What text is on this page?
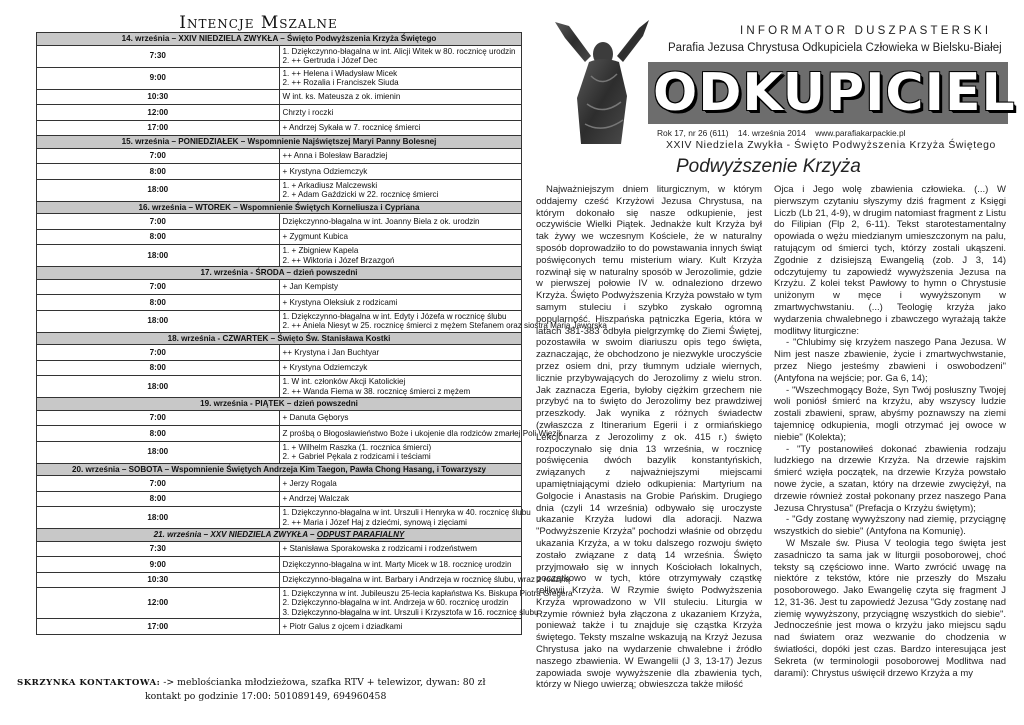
Intencje Mszalne
14. września – XXIV NIEDZIELA ZWYKŁA – Święto Podwyższenia Krzyża Świętego	
7:30	1. Dziękczynno-błagalna w int. Alicji Witek w 80. rocznicę urodzin
2. ++ Gertruda i Józef Dec

9:00	1. ++ Helena i Władysław Micek
2. ++ Rozalia i Franciszek Siuda

10:30	W int. ks. Mateusza z ok. imienin

12:00	Chrzty i roczki

17:00	+ Andrzej Sykała w 7. rocznicę śmierci

15. września – PONIEDZIAŁEK – Wspomnienie Najświętszej Maryi Panny Bolesnej	
7:00	++ Anna i Bolesław Baradziej

8:00	+ Krystyna Odziemczyk

18:00	1. + Arkadiusz Malczewski
2. + Adam Gaździcki w 22. rocznicę śmierci

16. września – WTOREK – Wspomnienie Świętych Korneliusza i Cypriana	
7:00	Dziękczynno-błagalna w int. Joanny Biela z ok. urodzin

8:00	+ Zygmunt Kubica

18:00	1. + Zbigniew Kapela
2. ++ Wiktoria i Józef Brzazgoń

17. września - ŚRODA – dzień powszedni	
7:00	+ Jan Kempisty

8:00	+ Krystyna Oleksiuk z rodzicami

18:00	1. Dziękczynno-błagalna w int. Edyty i Józefa w rocznicę ślubu
2. ++ Aniela Niesyt w 25. rocznicę śmierci z mężem Stefanem oraz siostrą Marią Jaworską

18. września - CZWARTEK – Święto Św. Stanisława Kostki	
7:00	++ Krystyna i Jan Buchtyar

8:00	+ Krystyna Odziemczyk

18:00	1. W int. członków Akcji Katolickiej
2. ++ Wanda Fiema w 38. rocznicę śmierci z mężem

19. września - PIĄTEK – dzień powszedni	
7:00	+ Danuta Gęborys

8:00	Z prośbą o Błogosławieństwo Boże i ukojenie dla rodziców zmarłej Poli Więzik

18:00	1. + Wilhelm Raszka (1. rocznica śmierci)
2. + Gabriel Pękala z rodzicami i teściami

20. września – SOBOTA – Wspomnienie Świętych Andrzeja Kim Taegon, Pawła Chong Hasang, i Towarzyszy	
7:00	+ Jerzy Rogala

8:00	+ Andrzej Walczak

18:00	1. Dziękczynno-błagalna w int. Urszuli i Henryka w 40. rocznicę ślubu
2. ++ Maria i Józef Haj z dziećmi, synową i zięciami

21. września – XXV NIEDZIELA ZWYKŁA – ODPUST PARAFIALNY	
7:30	+ Stanisława Sporakowska z rodzicami i rodzeństwem

9:00	Dziękczynno-błagalna w int. Marty Micek w 18. rocznicę urodzin

10:30	Dziękczynno-błagalna w int. Barbary i Andrzeja w rocznicę ślubu, wraz z rodziną

12:00	1. Dziękczynna w int. Jubileuszu 25-lecia kapłaństwa Ks. Biskupa Piotra Gregera
2. Dziękczynno-błagalna w int. Andrzeja w 60. rocznicę urodzin
3. Dziękczynno-błagalna w int. Urszuli i Krzysztofa w 16. rocznicę ślubu

17:00	+ Piotr Galus z ojcem i dziadkami
SKRZYNKA KONTAKTOWA: -> meblościanka młodzieżowa, szafka RTV + telewizor, dywan: 80 zł
kontakt po godzinie 17:00: 501089149, 694960458
INFORMATOR DUSZPASTERSKI
Parafia Jezusa Chrystusa Odkupiciela Człowieka w Bielsku-Białej
ODKUPICIEL
Rok 17, nr 26 (611) 14. września 2014 www.parafiakarpackie.pl
XXIV Niedziela Zwykła - Święto Podwyższenia Krzyża Świętego
Podwyższenie Krzyża

Najważniejszym dniem liturgicznym, w którym oddajemy cześć Krzyżowi Jezusa Chrystusa, na którym dokonało się nasze odkupienie, jest oczywiście Wielki Piątek. Jednakże kult Krzyża był tak żywy we wczesnym Kościele, że w naturalny sposób doprowadziło to do powstawania innych świąt poświęconych temu misterium wiary. Kult Krzyża rozwinął się w naturalny sposób w Jerozolimie, gdzie w pierwszej połowie IV w. odnaleziono drzewo Krzyża. Święto Podwyższenia Krzyża powstało w tym samym stuleciu i szybko zyskało ogromną popularność. Hiszpańska pątniczka Egeria, która w latach 381-383 odbyła pielgrzymkę do Ziemi Świętej, pozostawiła w swoim diariuszu opis tego święta, zaznaczając, że obchodzono je niezwykle uroczyście przez osiem dni, przy tłumnym udziale wiernych, licznie przybywających do Jerozolimy z wielu stron. Jak zaznacza Egeria, byłoby ciężkim grzechem nie przybyć na to święto do Jerozolimy bez prawdziwej przeszkody. Jak wynika z różnych świadectw (zwłaszcza z Itinerarium Egerii i z ormiańskiego Lekcjonarza z Jerozolimy z ok. 415 r.) święto rozpoczynało się dnia 13 września, w rocznicę poświęcenia dwóch bazylik konstantyńskich, związanych z najważniejszymi miejscami upamiętniającymi dzieło odkupienia: Martyrium na Golgocie i Anastasis na Grobie Pańskim. Drugiego dnia (czyli 14 września) odbywało się uroczyste ukazanie Krzyża ludowi dla adoracji. Nazwa "Podwyższenie Krzyża" pochodzi właśnie od obrzędu ukazania Krzyża, a w toku dalszego rozwoju święto zostało związane z datą 14 września. Święto przyjmowało się w innych Kościołach lokalnych, początkowo w tych, które otrzymywały cząstkę relikwii Krzyża. W Rzymie święto Podwyższenia Krzyża wprowadzono w VII stuleciu. Liturgia w Rzymie również była złączona z ukazaniem Krzyża, ponieważ także i tu znajduje się cząstka Krzyża świętego. Teksty mszalne wskazują na Krzyż Jezusa Chrystusa jako na wydarzenie chwalebne i źródło naszego zbawienia. W Ewangelii (J 3, 13-17) Jezus zapowiada swoje wywyższenie dla zbawienia tych, którzy w Niego uwierzą; obwieszcza także miłość

Ojca i Jego wolę zbawienia człowieka. (...) W pierwszym czytaniu słyszymy dziś fragment z Księgi Liczb (Lb 21, 4-9), w drugim natomiast fragment z Listu do Filipian (Flp 2, 6-11). Tekst starotestamentalny opowiada o wężu miedzianym umieszczonym na palu, ratującym od śmierci tych, którzy zostali ukąszeni. Zgodnie z dzisiejszą Ewangelią (zob. J 3, 14) odczytujemy tu zapowiedź wywyższenia Jezusa na Krzyżu. Z kolei tekst Pawłowy to hymn o Chrystusie uniżonym w męce i wywyższonym w zmartwychwstaniu. (...) Teologię krzyża jako wydarzenia chwalebnego i zbawczego wyrażają także modlitwy liturgiczne:

- "Chlubimy się krzyżem naszego Pana Jezusa. W Nim jest nasze zbawienie, życie i zmartwychwstanie, przez Niego jesteśmy zbawieni i oswobodzeni" (Antyfona na wejście; por. Ga 6, 14);

- "Wszechmogący Boże, Syn Twój posłuszny Twojej woli poniósł śmierć na krzyżu, aby wszyscy ludzie zostali zbawieni, spraw, abyśmy poznawszy na ziemi tajemnicę odkupienia, mogli otrzymać jej owoce w niebie" (Kolekta);

- "Ty postanowiłeś dokonać zbawienia rodzaju ludzkiego na drzewie Krzyża. Na drzewie rajskim śmierć wzięła początek, na drzewie Krzyża powstało nowe życie, a szatan, który na drzewie zwyciężył, na drzewie również został pokonany przez naszego Pana Jezusa Chrystusa" (Prefacja o Krzyżu świętym);

- "Gdy zostanę wywyższony nad ziemię, przyciągnę wszystkich do siebie" (Antyfona na Komunię).

W Mszale św. Piusa V teologia tego święta jest zasadniczo ta sama jak w liturgii posoborowej, choć teksty są częściowo inne. Warto zwrócić uwagę na niektóre z tekstów, które nie przeszły do Mszału posoborowego. Jako Ewangelię czyta się fragment J 12, 31-36. Jest tu zapowiedź Jezusa "Gdy zostanę nad ziemię wywyższony, przyciągnę wszystkich do siebie". Jednocześnie jest mowa o krzyżu jako miejscu sądu nad światem oraz wezwanie do chodzenia w światłości, dopóki jest czas. Bardzo interesująca jest Sekreta (w terminologii posoborowej Modlitwa nad darami): Chrystus uświęcił drzewo Krzyża a my
